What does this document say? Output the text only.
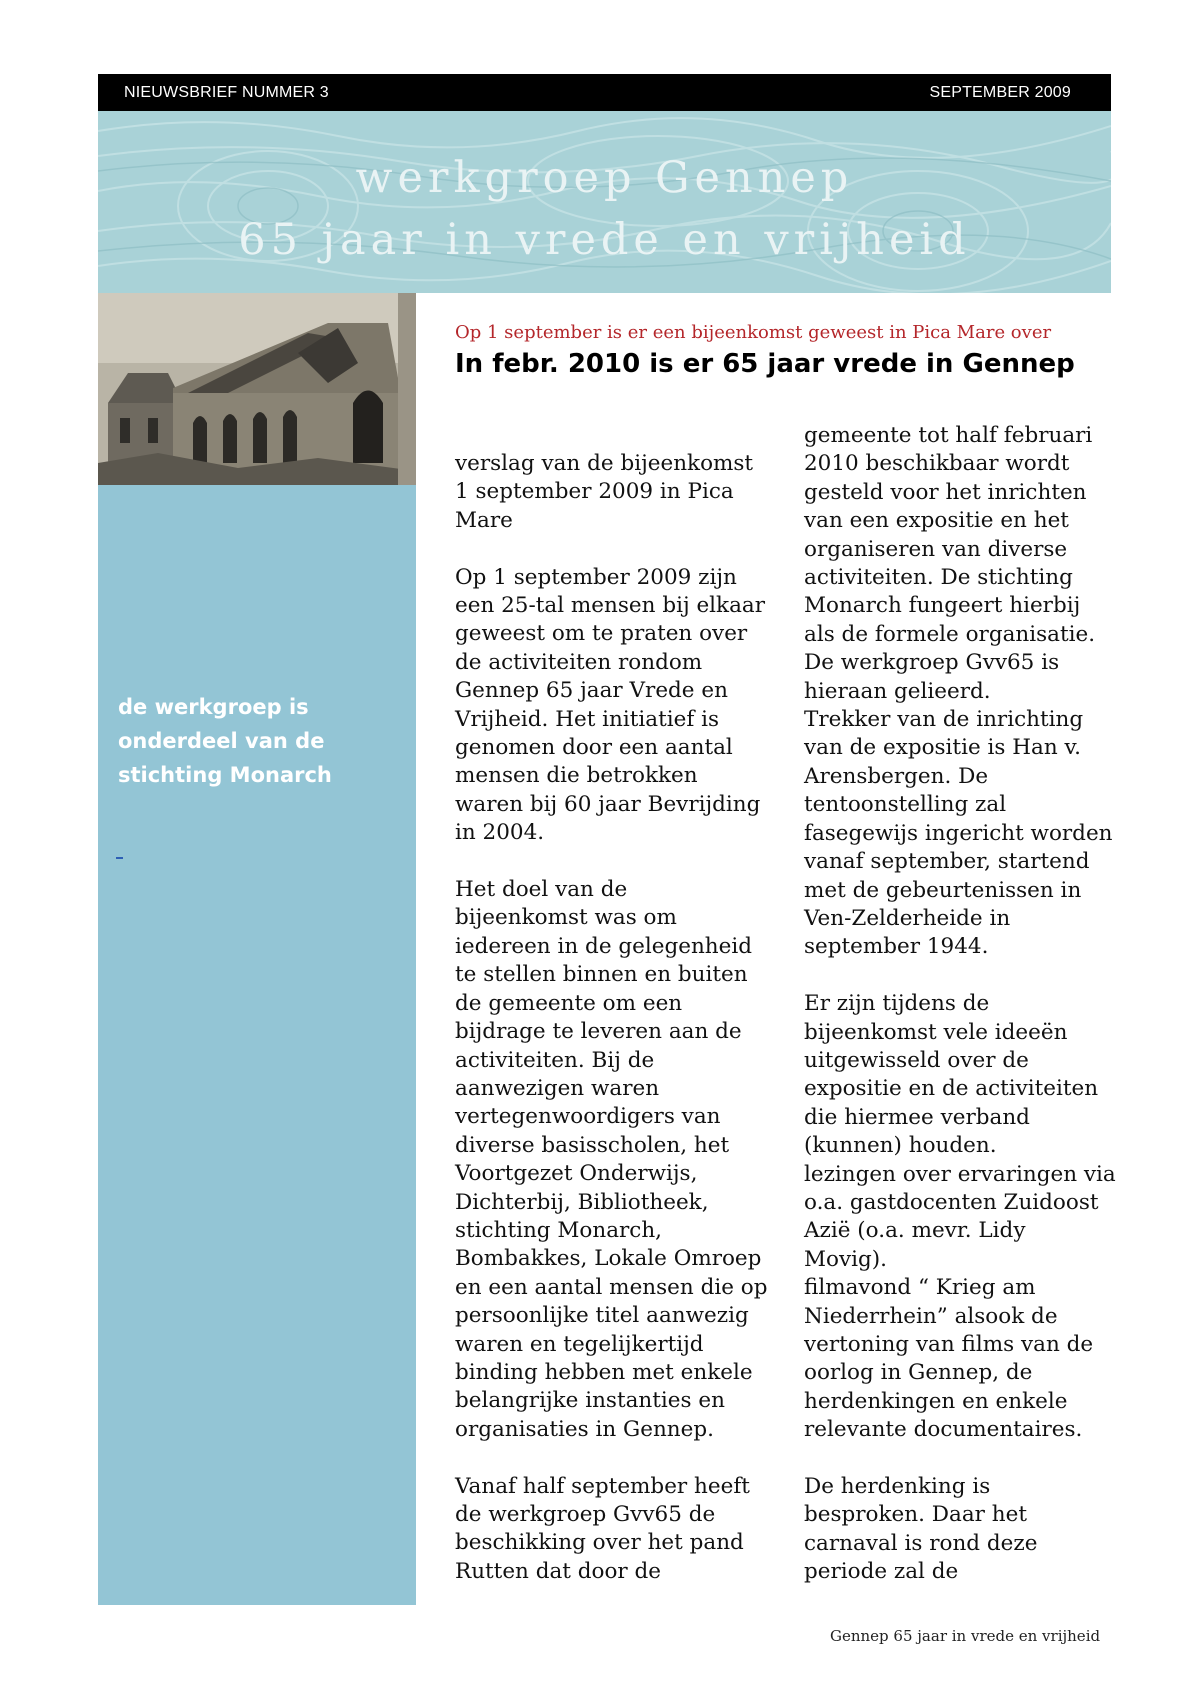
NIEUWSBRIEF NUMMER 3	SEPTEMBER 2009
werkgroep Gennep
65 jaar in vrede en vrijheid
de werkgroep is
onderdeel van de
stichting Monarch
Op 1 september is er een bijeenkomst geweest in Pica Mare over
In febr. 2010 is er 65 jaar vrede in Gennep

verslag van de bijeenkomst

1 september 2009 in Pica

Mare

Op 1 september 2009 zijn

een 25-tal mensen bij elkaar

geweest om te praten over

de activiteiten rondom

Gennep 65 jaar Vrede en

Vrijheid. Het initiatief is

genomen door een aantal

mensen die betrokken

waren bij 60 jaar Bevrijding

in 2004.

Het doel van de

bijeenkomst was om

iedereen in de gelegenheid

te stellen binnen en buiten

de gemeente om een

bijdrage te leveren aan de

activiteiten. Bij de

aanwezigen waren

vertegenwoordigers van

diverse basisscholen, het

Voortgezet Onderwijs,

Dichterbij, Bibliotheek,

stichting Monarch,

Bombakkes, Lokale Omroep

en een aantal mensen die op

persoonlijke titel aanwezig

waren en tegelijkertijd

binding hebben met enkele

belangrijke instanties en

organisaties in Gennep.

Vanaf half september heeft

de werkgroep Gvv65 de

beschikking over het pand

Rutten dat door de

gemeente tot half februari

2010 beschikbaar wordt

gesteld voor het inrichten

van een expositie en het

organiseren van diverse

activiteiten. De stichting

Monarch fungeert hierbij

als de formele organisatie.

De werkgroep Gvv65 is

hieraan gelieerd.

Trekker van de inrichting

van de expositie is Han v.

Arensbergen. De

tentoonstelling zal

fasegewijs ingericht worden

vanaf september, startend

met de gebeurtenissen in

Ven-Zelderheide in

september 1944.

Er zijn tijdens de

bijeenkomst vele ideeën

uitgewisseld over de

expositie en de activiteiten

die hiermee verband

(kunnen) houden.

lezingen over ervaringen via

o.a. gastdocenten Zuidoost

Azië (o.a. mevr. Lidy

Movig).

filmavond “ Krieg am

Niederrhein” alsook de

vertoning van films van de

oorlog in Gennep, de

herdenkingen en enkele

relevante documentaires.

De herdenking is

besproken. Daar het

carnaval is rond deze

periode zal de

Gennep 65 jaar in vrede en vrijheid
